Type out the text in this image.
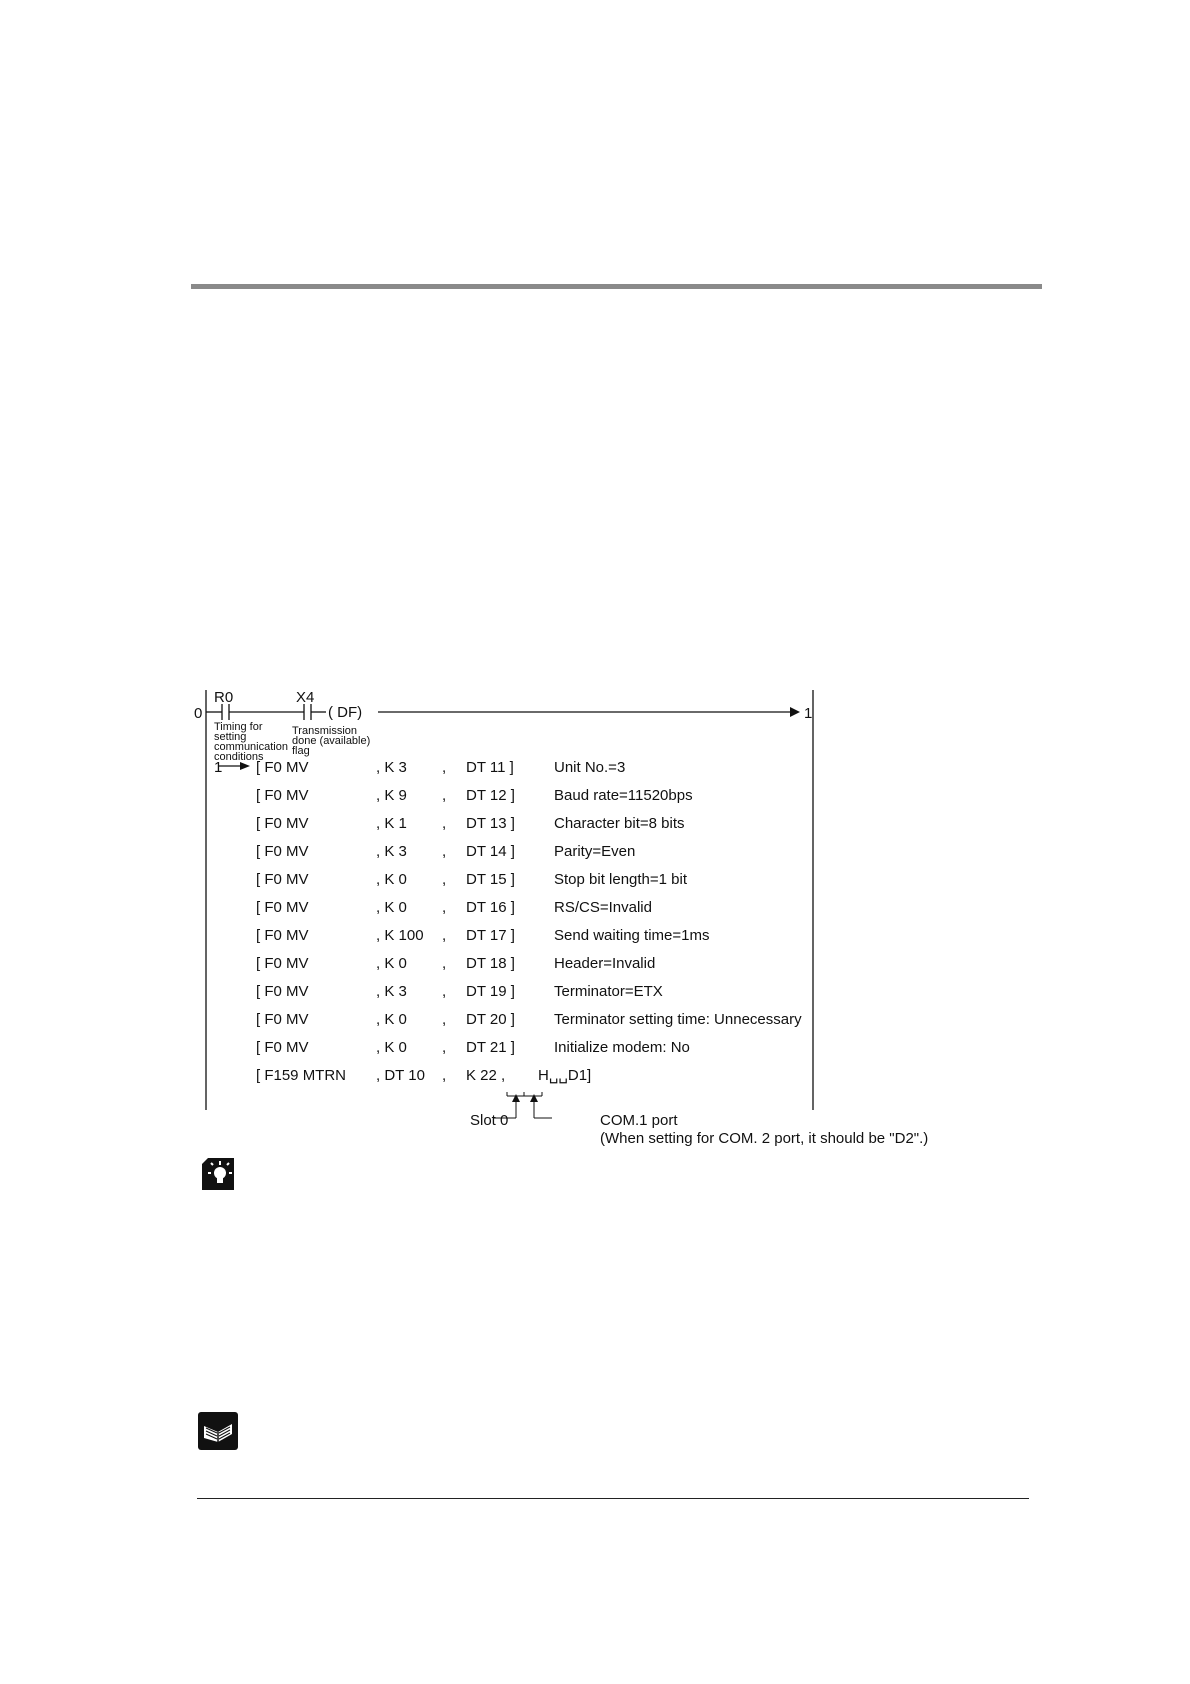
0
R0	X4
( DF)	1
Timing for
setting
communication
conditions
Transmission
done (available)
flag
1 [ F0 MV	, K 3 , DT 11 ]	Unit No.=3
[ F0 MV	, K 9 , DT 12 ]	Baud rate=11520bps
[ F0 MV	, K 1 , DT 13 ]	Character bit=8 bits
[ F0 MV	, K 3 , DT 14 ]	Parity=Even
[ F0 MV	, K 0 , DT 15 ]	Stop bit length=1 bit
[ F0 MV	, K 0 , DT 16 ]	RS/CS=Invalid
[ F0 MV	, K 100 , DT 17 ]	Send waiting time=1ms
[ F0 MV	, K 0 , DT 18 ]	Header=Invalid
[ F0 MV	, K 3 , DT 19 ]	Terminator=ETX
[ F0 MV	, K 0 , DT 20 ]	Terminator setting time: Unnecessary
[ F0 MV	, K 0 , DT 21 ]	Initialize modem: No
[ F159 MTRN , DT 10 , K 22 , H␣␣D1]
Slot 0	COM.1 port
(When setting for COM. 2 port, it should be "D2".)
